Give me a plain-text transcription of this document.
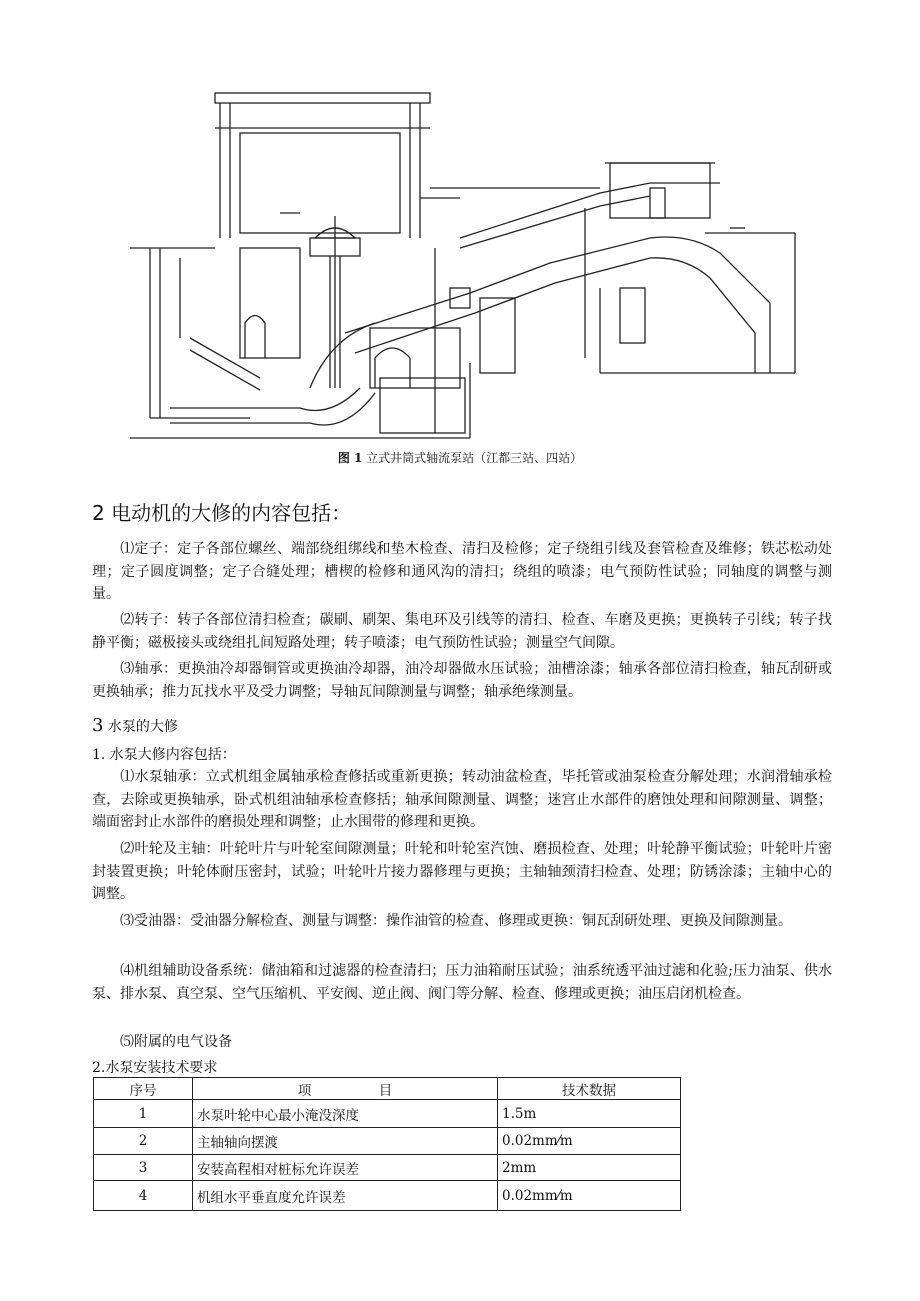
图 1 立式井筒式轴流泵站（江都三站、四站）
2 电动机的大修的内容包括：
⑴定子：定子各部位螺丝、端部绕组绑线和垫木检查、清扫及检修；定子绕组引线及套管检查及维修；铁芯松动处理；定子圆度调整；定子合缝处理；槽楔的检修和通风沟的清扫；绕组的喷漆；电气预防性试验；同轴度的调整与测量。
⑵转子：转子各部位清扫检查；碳刷、刷架、集电环及引线等的清扫、检查、车磨及更换；更换转子引线；转子找静平衡；磁极接头或绕组扎间短路处理；转子喷漆；电气预防性试验；测量空气间隙。
⑶轴承：更换油冷却器铜管或更换油冷却器，油冷却器做水压试验；油槽涂漆；轴承各部位清扫检查，轴瓦刮研或更换轴承；推力瓦找水平及受力调整；导轴瓦间隙测量与调整；轴承绝缘测量。
3 水泵的大修
1. 水泵大修内容包括：
⑴水泵轴承：立式机组金属轴承检查修括或重新更换；转动油盆检查，毕托管或油泵检查分解处理；水润滑轴承检查，去除或更换轴承，卧式机组油轴承检查修括；轴承间隙测量、调整；迷宫止水部件的磨蚀处理和间隙测量、调整；端面密封止水部件的磨损处理和调整；止水围带的修理和更换。
⑵叶轮及主轴：叶轮叶片与叶轮室间隙测量；叶轮和叶轮室汽蚀、磨损检查、处理；叶轮静平衡试验；叶轮叶片密封装置更换；叶轮体耐压密封，试验；叶轮叶片接力器修理与更换；主轴轴颈清扫检查、处理；防锈涂漆；主轴中心的调整。
⑶受油器：受油器分解检查、测量与调整：操作油管的检查、修理或更换：铜瓦刮研处理、更换及间隙测量。
⑷机组辅助设备系统：储油箱和过滤器的检查清扫；压力油箱耐压试验；油系统透平油过滤和化验;压力油泵、供水泵、排水泵、真空泵、空气压缩机、平安阀、逆止阀、阀门等分解、检查、修理或更换；油压启闭机检查。
⑸附属的电气设备
2.水泵安装技术要求
序号	项　　　　　目	技术数据
1	水泵叶轮中心最小淹没深度	1.5m
2	主轴轴向摆渡	0.02mm⁄m
3	安装高程相对桩标允许误差	2mm
4	机组水平垂直度允许误差	0.02mm⁄m
